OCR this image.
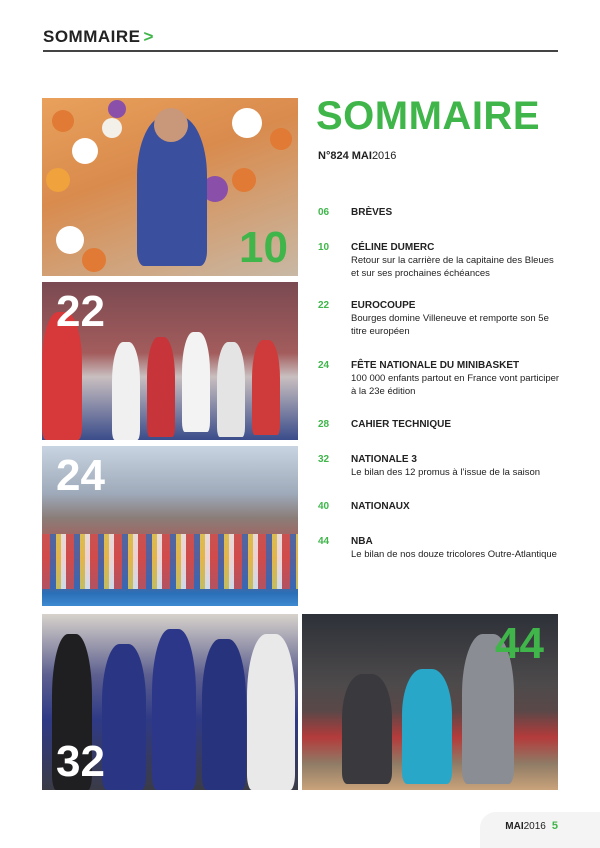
SOMMAIRE >
10
22
24
32
44
SOMMAIRE
N°824 MAI2016
06 BRÈVES
10 CÉLINE DUMERC
Retour sur la carrière de la capitaine des Bleues et sur ses prochaines échéances
22 EUROCOUPE
Bourges domine Villeneuve et remporte son 5e titre européen
24 FÊTE NATIONALE DU MINIBASKET
100 000 enfants partout en France vont participer à la 23e édition
28 CAHIER TECHNIQUE
32 NATIONALE 3
Le bilan des 12 promus à l’issue de la saison
40 NATIONAUX
44 NBA
Le bilan de nos douze tricolores Outre-Atlantique
MAI2016 5
